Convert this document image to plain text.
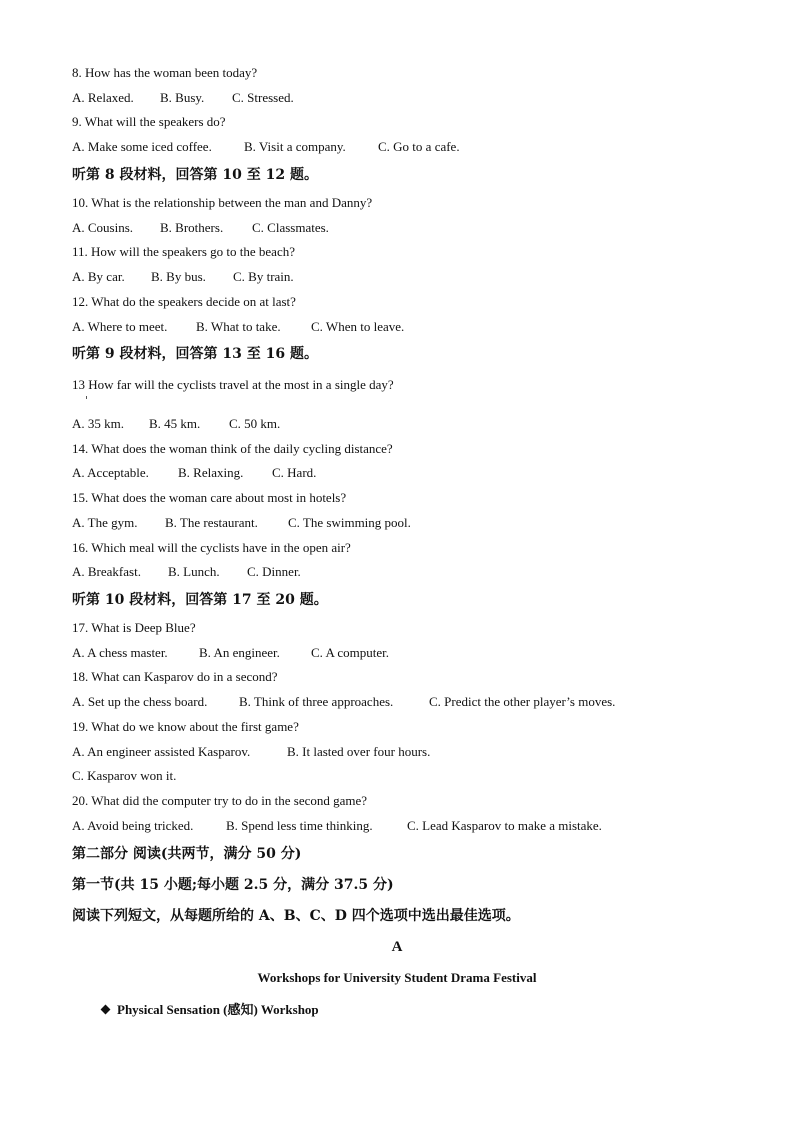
8. How has the woman been today?
A. Relaxed. B. Busy. C. Stressed.
9. What will the speakers do?
A. Make some iced coffee. B. Visit a company. C. Go to a cafe.
听第 8 段材料，回答第 10 至 12 题。
10. What is the relationship between the man and Danny?
A. Cousins. B. Brothers. C. Classmates.
11. How will the speakers go to the beach?
A. By car. B. By bus. C. By train.
12. What do the speakers decide on at last?
A. Where to meet. B. What to take. C. When to leave.
听第 9 段材料，回答第 13 至 16 题。
13 How far will the cyclists travel at the most in a single day?
A. 35 km. B. 45 km. C. 50 km.
14. What does the woman think of the daily cycling distance?
A. Acceptable. B. Relaxing. C. Hard.
15. What does the woman care about most in hotels?
A. The gym. B. The restaurant. C. The swimming pool.
16. Which meal will the cyclists have in the open air?
A. Breakfast. B. Lunch. C. Dinner.
听第 10 段材料，回答第 17 至 20 题。
17. What is Deep Blue?
A. A chess master. B. An engineer. C. A computer.
18. What can Kasparov do in a second?
A. Set up the chess board. B. Think of three approaches.	C. Predict the other player’s moves.
19. What do we know about the first game?
A. An engineer assisted Kasparov.	B. It lasted over four hours.
C. Kasparov won it.
20. What did the computer try to do in the second game?
A. Avoid being tricked.	B. Spend less time thinking.	C. Lead Kasparov to make a mistake.
第二部分 阅读(共两节，满分 50 分)
第一节(共 15 小题;每小题 2.5 分，满分 37.5 分)
阅读下列短文，从每题所给的 A、B、C、D 四个选项中选出最佳选项。
A
Workshops for University Student Drama Festival
Physical Sensation (感知) Workshop
